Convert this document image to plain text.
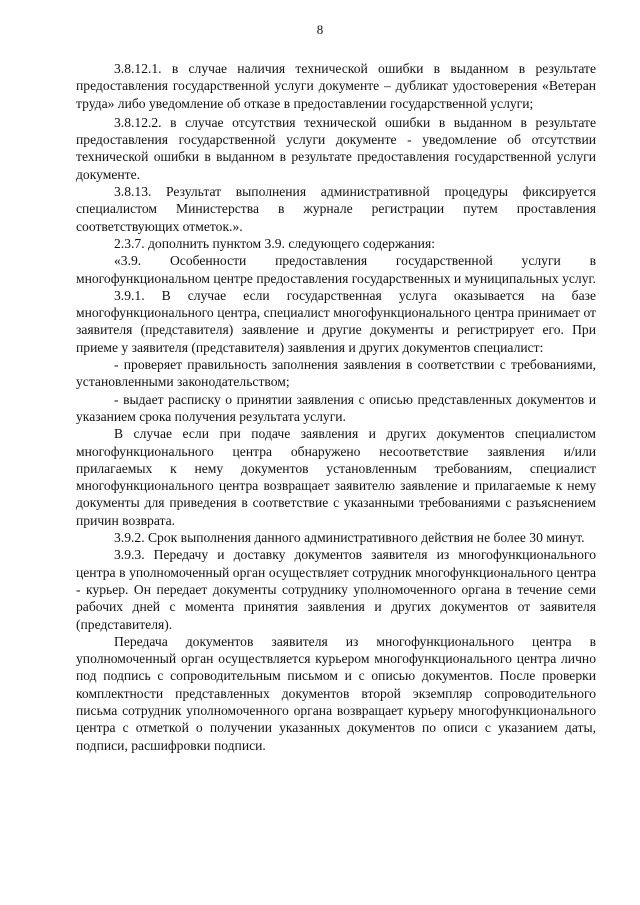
8

3.8.12.1. в случае наличия технической ошибки в выданном в результате предоставления государственной услуги документе – дубликат удостоверения «Ветеран труда» либо уведомление об отказе в предоставлении государственной услуги;

3.8.12.2. в случае отсутствия технической ошибки в выданном в результате предоставления государственной услуги документе - уведомление об отсутствии технической ошибки в выданном в результате предоставления государственной услуги документе.

3.8.13. Результат выполнения административной процедуры фиксируется специалистом Министерства в журнале регистрации путем проставления соответствующих отметок.».

2.3.7. дополнить пунктом 3.9. следующего содержания:

«3.9. Особенности предоставления государственной услуги в многофункциональном центре предоставления государственных и муниципальных услуг.

3.9.1. В случае если государственная услуга оказывается на базе многофункционального центра, специалист многофункционального центра принимает от заявителя (представителя) заявление и другие документы и регистрирует его. При приеме у заявителя (представителя) заявления и других документов специалист:

- проверяет правильность заполнения заявления в соответствии с требованиями, установленными законодательством;

- выдает расписку о принятии заявления с описью представленных документов и указанием срока получения результата услуги.

В случае если при подаче заявления и других документов специалистом многофункционального центра обнаружено несоответствие заявления и/или прилагаемых к нему документов установленным требованиям, специалист многофункционального центра возвращает заявителю заявление и прилагаемые к нему документы для приведения в соответствие с указанными требованиями с разъяснением причин возврата.

3.9.2. Срок выполнения данного административного действия не более 30 минут.

3.9.3. Передачу и доставку документов заявителя из многофункционального центра в уполномоченный орган осуществляет сотрудник многофункционального центра - курьер. Он передает документы сотруднику уполномоченного органа в течение семи рабочих дней с момента принятия заявления и других документов от заявителя (представителя).

Передача документов заявителя из многофункционального центра в уполномоченный орган осуществляется курьером многофункционального центра лично под подпись с сопроводительным письмом и с описью документов. После проверки комплектности представленных документов второй экземпляр сопроводительного письма сотрудник уполномоченного органа возвращает курьеру многофункционального центра с отметкой о получении указанных документов по описи с указанием даты, подписи, расшифровки подписи.
